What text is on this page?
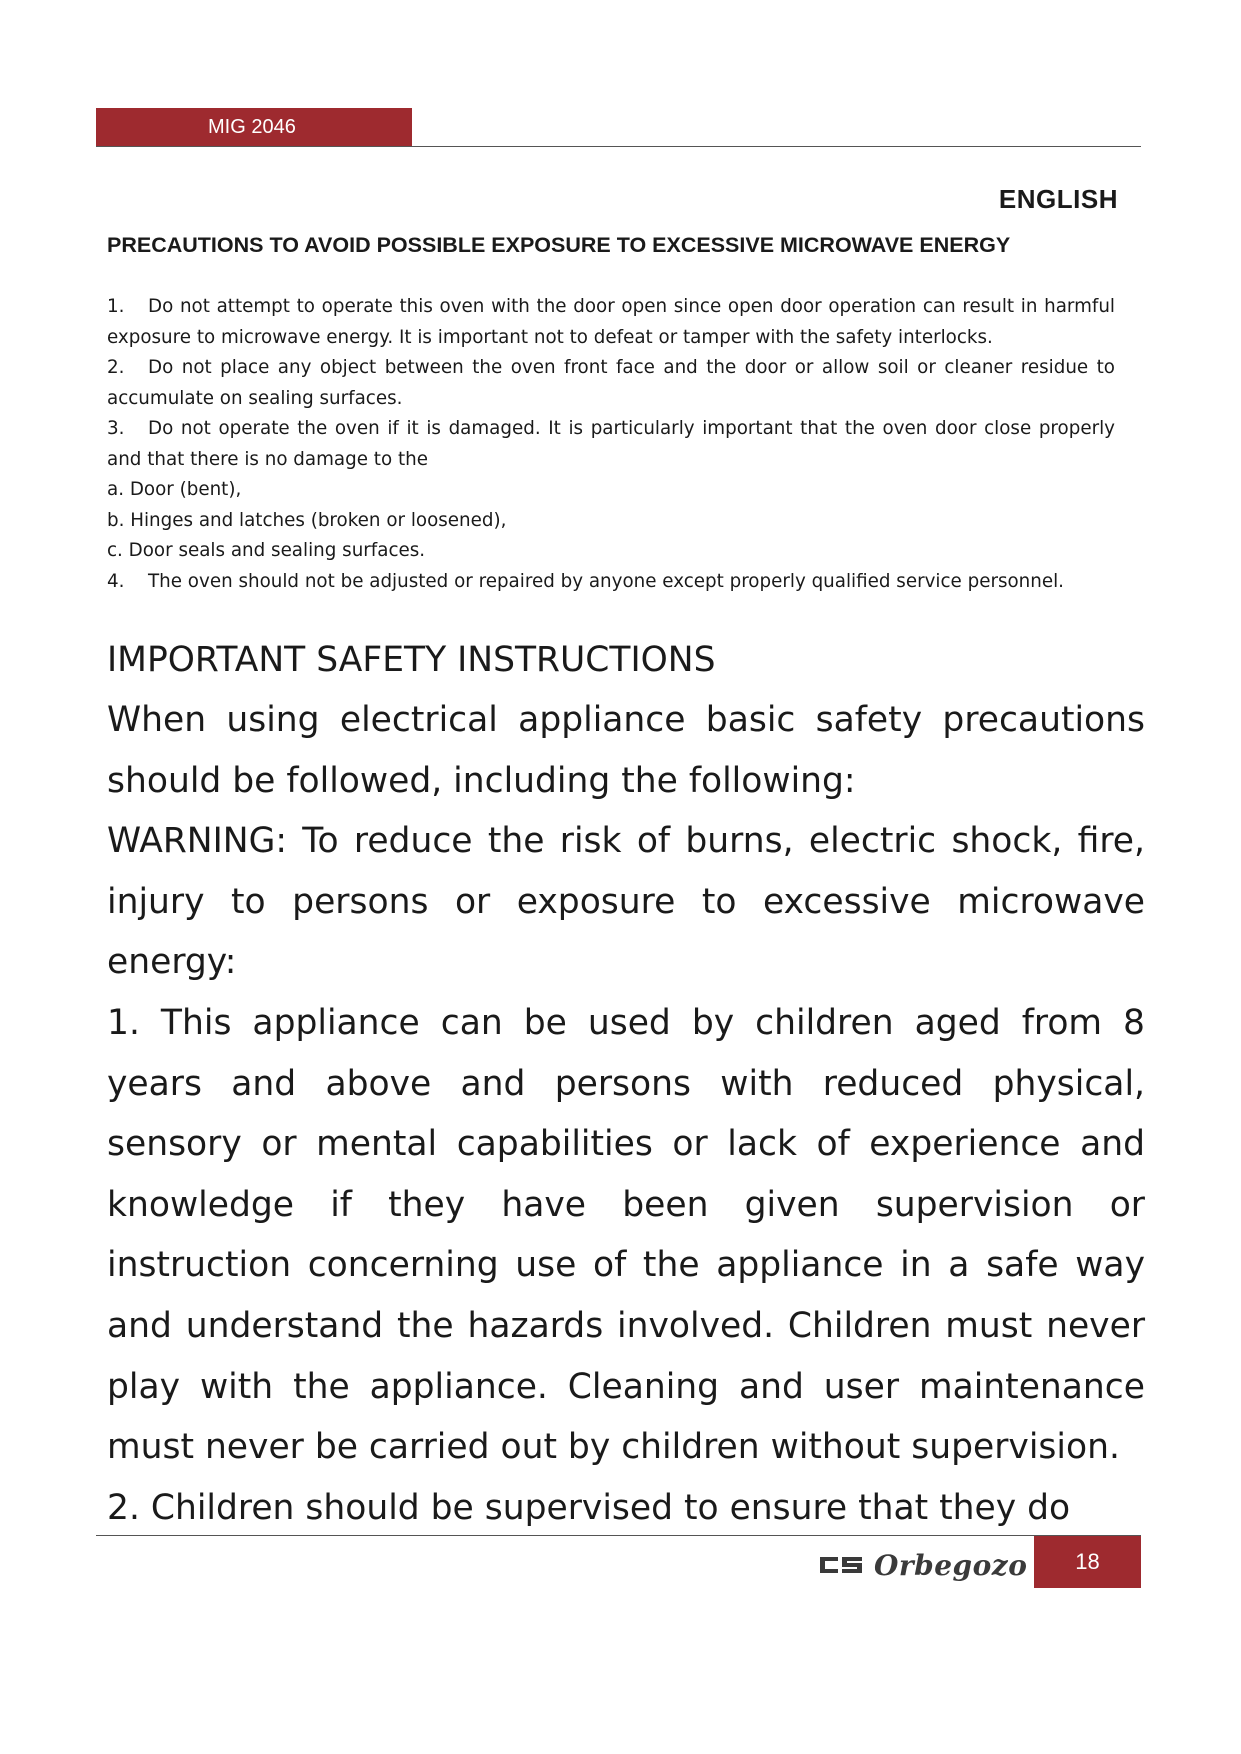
MIG 2046
ENGLISH
PRECAUTIONS TO AVOID POSSIBLE EXPOSURE TO EXCESSIVE MICROWAVE ENERGY
1. Do not attempt to operate this oven with the door open since open door operation can result in harmful exposure to microwave energy. It is important not to defeat or tamper with the safety interlocks.
2. Do not place any object between the oven front face and the door or allow soil or cleaner residue to accumulate on sealing surfaces.
3. Do not operate the oven if it is damaged. It is particularly important that the oven door close properly and that there is no damage to the
a. Door (bent),
b. Hinges and latches (broken or loosened),
c. Door seals and sealing surfaces.
4. The oven should not be adjusted or repaired by anyone except properly qualified service personnel.
IMPORTANT SAFETY INSTRUCTIONS
When using electrical appliance basic safety precautions should be followed, including the following:
WARNING: To reduce the risk of burns, electric shock, fire, injury to persons or exposure to excessive microwave energy:
1. This appliance can be used by children aged from 8 years and above and persons with reduced physical, sensory or mental capabilities or lack of experience and knowledge if they have been given supervision or instruction concerning use of the appliance in a safe way and understand the hazards involved. Children must never play with the appliance. Cleaning and user maintenance must never be carried out by children without supervision.
2. Children should be supervised to ensure that they do
Orbegozo	18
